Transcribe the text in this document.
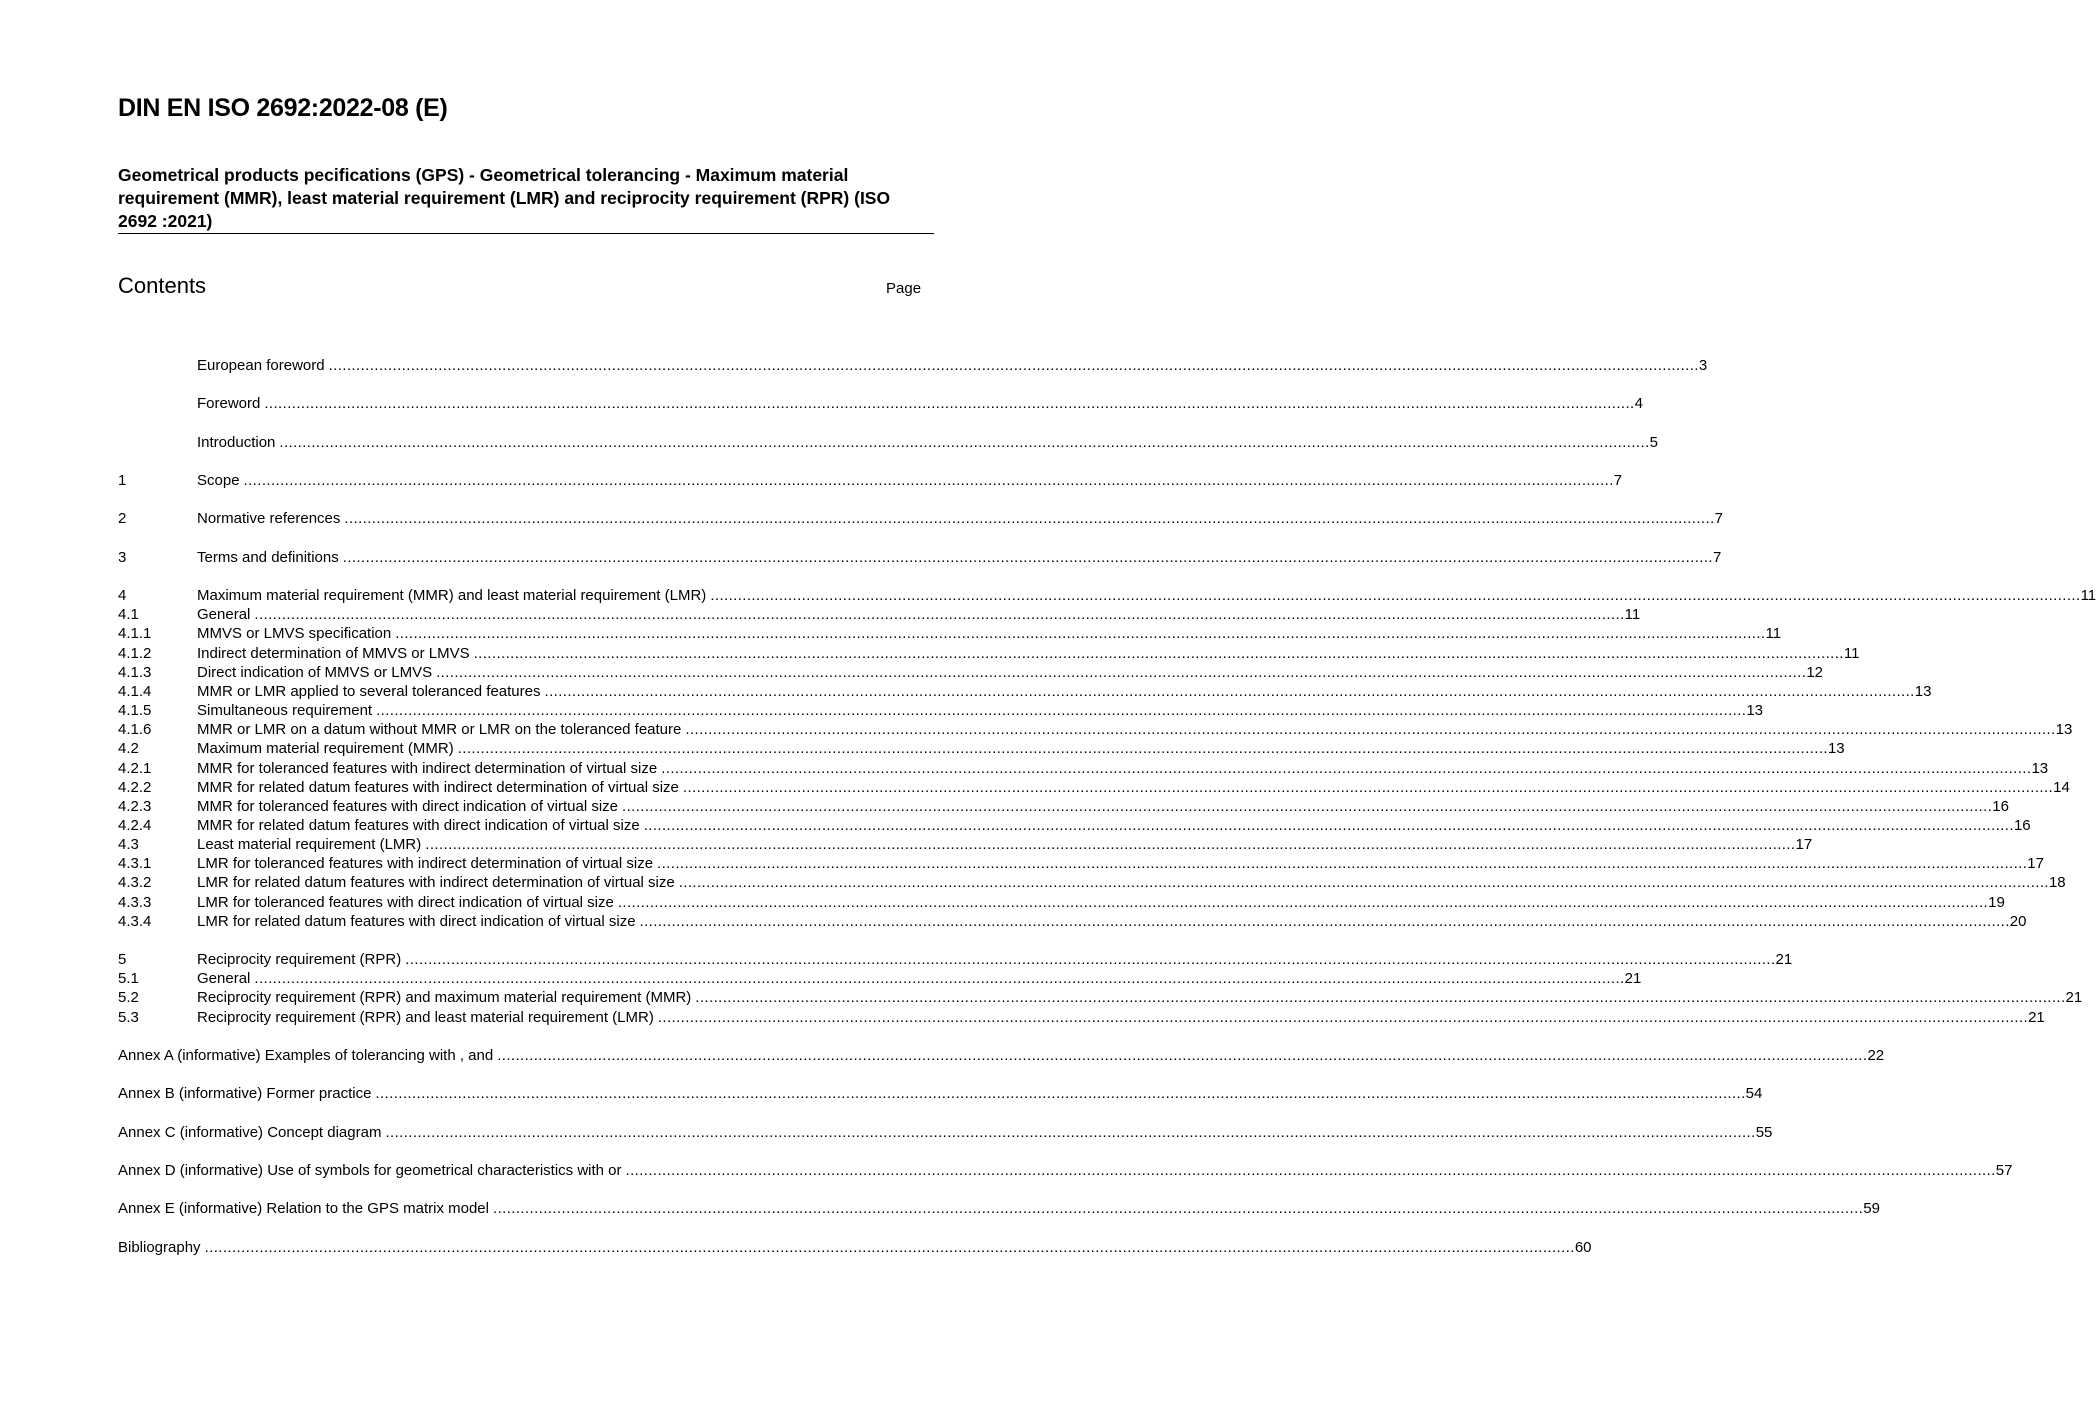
DIN EN ISO 2692:2022-08 (E)
Geometrical products pecifications (GPS) - Geometrical tolerancing - Maximum material requirement (MMR), least material requirement (LMR) and reciprocity requirement (RPR) (ISO 2692 :2021)
Contents	Page
European foreword ............................................................................................................................................................................................................................................................................................................ 3
Foreword ............................................................................................................................................................................................................................................................................................................ 4
Introduction ............................................................................................................................................................................................................................................................................................................ 5
1	Scope ............................................................................................................................................................................................................................................................................................................ 7
2	Normative references ............................................................................................................................................................................................................................................................................................................ 7
3	Terms and definitions ............................................................................................................................................................................................................................................................................................................ 7
4	Maximum material requirement (MMR) and least material requirement (LMR) ............................................................................................................................................................................................................................................................................................................ 11
4.1	General ............................................................................................................................................................................................................................................................................................................ 11
4.1.1	MMVS or LMVS specification ............................................................................................................................................................................................................................................................................................................ 11
4.1.2	Indirect determination of MMVS or LMVS ............................................................................................................................................................................................................................................................................................................ 11
4.1.3	Direct indication of MMVS or LMVS ............................................................................................................................................................................................................................................................................................................ 12
4.1.4	MMR or LMR applied to several toleranced features ............................................................................................................................................................................................................................................................................................................ 13
4.1.5	Simultaneous requirement ............................................................................................................................................................................................................................................................................................................ 13
4.1.6	MMR or LMR on a datum without MMR or LMR on the toleranced feature ............................................................................................................................................................................................................................................................................................................ 13
4.2	Maximum material requirement (MMR) ............................................................................................................................................................................................................................................................................................................ 13
4.2.1	MMR for toleranced features with indirect determination of virtual size ............................................................................................................................................................................................................................................................................................................ 13
4.2.2	MMR for related datum features with indirect determination of virtual size ............................................................................................................................................................................................................................................................................................................ 14
4.2.3	MMR for toleranced features with direct indication of virtual size ............................................................................................................................................................................................................................................................................................................ 16
4.2.4	MMR for related datum features with direct indication of virtual size ............................................................................................................................................................................................................................................................................................................ 16
4.3	Least material requirement (LMR) ............................................................................................................................................................................................................................................................................................................ 17
4.3.1	LMR for toleranced features with indirect determination of virtual size ............................................................................................................................................................................................................................................................................................................ 17
4.3.2	LMR for related datum features with indirect determination of virtual size ............................................................................................................................................................................................................................................................................................................ 18
4.3.3	LMR for toleranced features with direct indication of virtual size ............................................................................................................................................................................................................................................................................................................ 19
4.3.4	LMR for related datum features with direct indication of virtual size ............................................................................................................................................................................................................................................................................................................ 20
5	Reciprocity requirement (RPR) ............................................................................................................................................................................................................................................................................................................ 21
5.1	General ............................................................................................................................................................................................................................................................................................................ 21
5.2	Reciprocity requirement (RPR) and maximum material requirement (MMR) ............................................................................................................................................................................................................................................................................................................ 21
5.3	Reciprocity requirement (RPR) and least material requirement (LMR) ............................................................................................................................................................................................................................................................................................................ 21
Annex A (informative) Examples of tolerancing with , and ............................................................................................................................................................................................................................................................................................................ 22
Annex B (informative) Former practice ............................................................................................................................................................................................................................................................................................................ 54
Annex C (informative) Concept diagram ............................................................................................................................................................................................................................................................................................................ 55
Annex D (informative) Use of symbols for geometrical characteristics with or ............................................................................................................................................................................................................................................................................................................ 57
Annex E (informative) Relation to the GPS matrix model ............................................................................................................................................................................................................................................................................................................ 59
Bibliography ............................................................................................................................................................................................................................................................................................................ 60
